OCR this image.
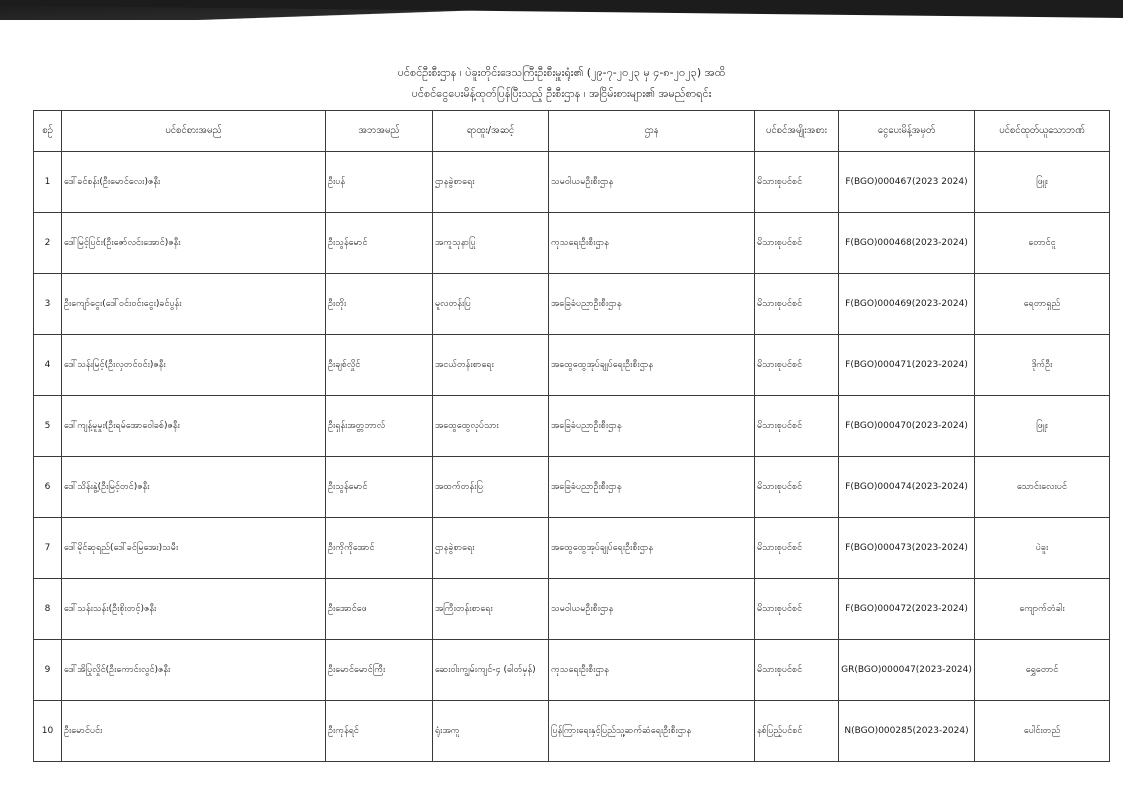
ပင်စင်ဦးစီးဌာန ၊ ပဲခူးတိုင်းဒေသကြီးဦးစီးမှူးရုံး၏ (၂၉-၇-၂၀၂၃ မှ ၄-၈-၂၀၂၃) အထိ
ပင်စင်ငွေပေးမိန့်ထုတ်ပြန်ပြီးသည့် ဦးစီးဌာန ၊ အငြိမ်းစားများ၏ အမည်စာရင်း
စဉ်	ပင်စင်စားအမည်	အဘအမည်	ရာထူး/အဆင့်	ဌာန	ပင်စင်အမျိုးအစား	ငွေပေးမိန့်အမှတ်	ပင်စင်ထုတ်ယူသောဘဏ်
1	ဒေါ်ခင်စန်း(ဦးမောင်လေး)ဇနီး	ဦးပန်	ဌာနခွဲစာရေး	သမဝါယမဦးစီးဌာန	မိသားစုပင်စင်	F(BGO)000467(2023 2024)	ဖြူး
2	ဒေါ်မြင့်ပြင်း(ဦးဇော်လင်းအောင်)ဇနီး	ဦးသွန်မောင်	အကူသုနာပြု	ကုသရေးဦးစီးဌာန	မိသားစုပင်စင်	F(BGO)000468(2023-2024)	တောင်ငူ
3	ဦးကျော်ငွေး(ဒေါ်ဝင်းဝင်းငွေး)ခင်ပွန်း	ဦးတိုး	မူလတန်းပြ	အခြေခံပညာဦးစီးဌာန	မိသားစုပင်စင်	F(BGO)000469(2023-2024)	ရေတာရှည်
4	ဒေါ်သန်းမြင့်(ဦးလှတင်ဝင်း)ဇနီး	ဦးချစ်လှိုင်	အငယ်တန်းစာရေး	အထွေထွေအုပ်ချုပ်ရေးဦးစီးဌာန	မိသားစုပင်စင်	F(BGO)000471(2023-2024)	ဒိုက်ဦး
5	ဒေါ်ကျန့်မူမှုး(ဦးရမ်အောဝေါခစ်)ဇနီး	ဦးရှန်းအတ္တဘာလ်	အထွေထွေလုပ်သား	အခြေခံပညာဦးစီးဌာန	မိသားစုပင်စင်	F(BGO)000470(2023-2024)	ဖြူး
6	ဒေါ်သိန်းနွဲ့(ဦးမြင့်တင်)ဇနီး	ဦးသွန်မောင်	အထက်တန်းပြ	အခြေခံပညာဦးစီးဌာန	မိသားစုပင်စင်	F(BGO)000474(2023-2024)	သောင်းလေးပင်
7	ဒေါ်မိုင်ဆုရည်(ဒေါ်ခင်မြအေး)သမီး	ဦးကိုကိုအောင်	ဌာနခွဲစာရေး	အထွေထွေအုပ်ချုပ်ရေးဦးစီးဌာန	မိသားစုပင်စင်	F(BGO)000473(2023-2024)	ပဲခူး
8	ဒေါ်သန်းသန်း(ဦးစိုးတင့်)ဇနီး	ဦးအောင်ဖေ	အကြီးတန်းစာရေး	သမဝါယမဦးစီးဌာန	မိသားစုပင်စင်	F(BGO)000472(2023-2024)	ကျောက်တံခါး
9	ဒေါ်အိပြုလှိုင်(ဦးကောင်းလွင်)ဇနီး	ဦးမောင်မောင်ကြီး	ဆေးဝါးကျွမ်းကျင်-၄ (ဓါတ်မှန်)	ကုသရေးဦးစီးဌာန	မိသားစုပင်စင်	GR(BGO)000047(2023-2024)	ရွှေတောင်
10	ဦးမောင်ပင်း	ဦးကုန်ရင်	ရုံးအကူ	ပြန်ကြားရေးနှင့်ပြည်သူ့ဆက်ဆံရေးဦးစီးဌာန	နစ်ပြည့်ပင်စင်	N(BGO)000285(2023-2024)	ပေါင်းတည်
